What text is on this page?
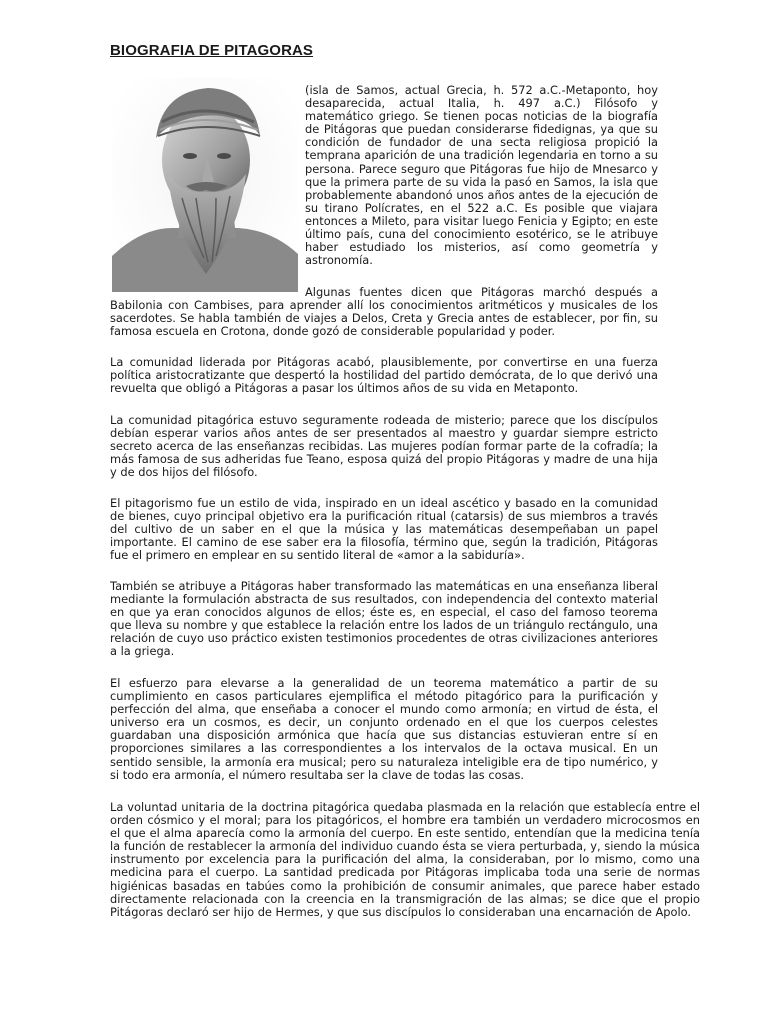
BIOGRAFIA DE PITAGORAS

(isla de Samos, actual Grecia, h. 572 a.C.-Metaponto, hoy desaparecida, actual Italia, h. 497 a.C.) Filósofo y matemático griego. Se tienen pocas noticias de la biografía de Pitágoras que puedan considerarse fidedignas, ya que su condición de fundador de una secta religiosa propició la temprana aparición de una tradición legendaria en torno a su persona. Parece seguro que Pitágoras fue hijo de Mnesarco y que la primera parte de su vida la pasó en Samos, la isla que probablemente abandonó unos años antes de la ejecución de su tirano Polícrates, en el 522 a.C. Es posible que viajara entonces a Mileto, para visitar luego Fenicia y Egipto; en este último país, cuna del conocimiento esotérico, se le atribuye haber estudiado los misterios, así como geometría y astronomía.

Algunas fuentes dicen que Pitágoras marchó después a Babilonia con Cambises, para aprender allí los conocimientos aritméticos y musicales de los sacerdotes. Se habla también de viajes a Delos, Creta y Grecia antes de establecer, por fin, su famosa escuela en Crotona, donde gozó de considerable popularidad y poder.

La comunidad liderada por Pitágoras acabó, plausiblemente, por convertirse en una fuerza política aristocratizante que despertó la hostilidad del partido demócrata, de lo que derivó una revuelta que obligó a Pitágoras a pasar los últimos años de su vida en Metaponto.

La comunidad pitagórica estuvo seguramente rodeada de misterio; parece que los discípulos debían esperar varios años antes de ser presentados al maestro y guardar siempre estricto secreto acerca de las enseñanzas recibidas. Las mujeres podían formar parte de la cofradía; la más famosa de sus adheridas fue Teano, esposa quizá del propio Pitágoras y madre de una hija y de dos hijos del filósofo.

El pitagorismo fue un estilo de vida, inspirado en un ideal ascético y basado en la comunidad de bienes, cuyo principal objetivo era la purificación ritual (catarsis) de sus miembros a través del cultivo de un saber en el que la música y las matemáticas desempeñaban un papel importante. El camino de ese saber era la filosofía, término que, según la tradición, Pitágoras fue el primero en emplear en su sentido literal de «amor a la sabiduría».

También se atribuye a Pitágoras haber transformado las matemáticas en una enseñanza liberal mediante la formulación abstracta de sus resultados, con independencia del contexto material en que ya eran conocidos algunos de ellos; éste es, en especial, el caso del famoso teorema que lleva su nombre y que establece la relación entre los lados de un triángulo rectángulo, una relación de cuyo uso práctico existen testimonios procedentes de otras civilizaciones anteriores a la griega.

El esfuerzo para elevarse a la generalidad de un teorema matemático a partir de su cumplimiento en casos particulares ejemplifica el método pitagórico para la purificación y perfección del alma, que enseñaba a conocer el mundo como armonía; en virtud de ésta, el universo era un cosmos, es decir, un conjunto ordenado en el que los cuerpos celestes guardaban una disposición armónica que hacía que sus distancias estuvieran entre sí en proporciones similares a las correspondientes a los intervalos de la octava musical. En un sentido sensible, la armonía era musical; pero su naturaleza inteligible era de tipo numérico, y si todo era armonía, el número resultaba ser la clave de todas las cosas.

La voluntad unitaria de la doctrina pitagórica quedaba plasmada en la relación que establecía entre el orden cósmico y el moral; para los pitagóricos, el hombre era también un verdadero microcosmos en el que el alma aparecía como la armonía del cuerpo. En este sentido, entendían que la medicina tenía la función de restablecer la armonía del individuo cuando ésta se viera perturbada, y, siendo la música instrumento por excelencia para la purificación del alma, la consideraban, por lo mismo, como una medicina para el cuerpo. La santidad predicada por Pitágoras implicaba toda una serie de normas higiénicas basadas en tabúes como la prohibición de consumir animales, que parece haber estado directamente relacionada con la creencia en la transmigración de las almas; se dice que el propio Pitágoras declaró ser hijo de Hermes, y que sus discípulos lo consideraban una encarnación de Apolo.
